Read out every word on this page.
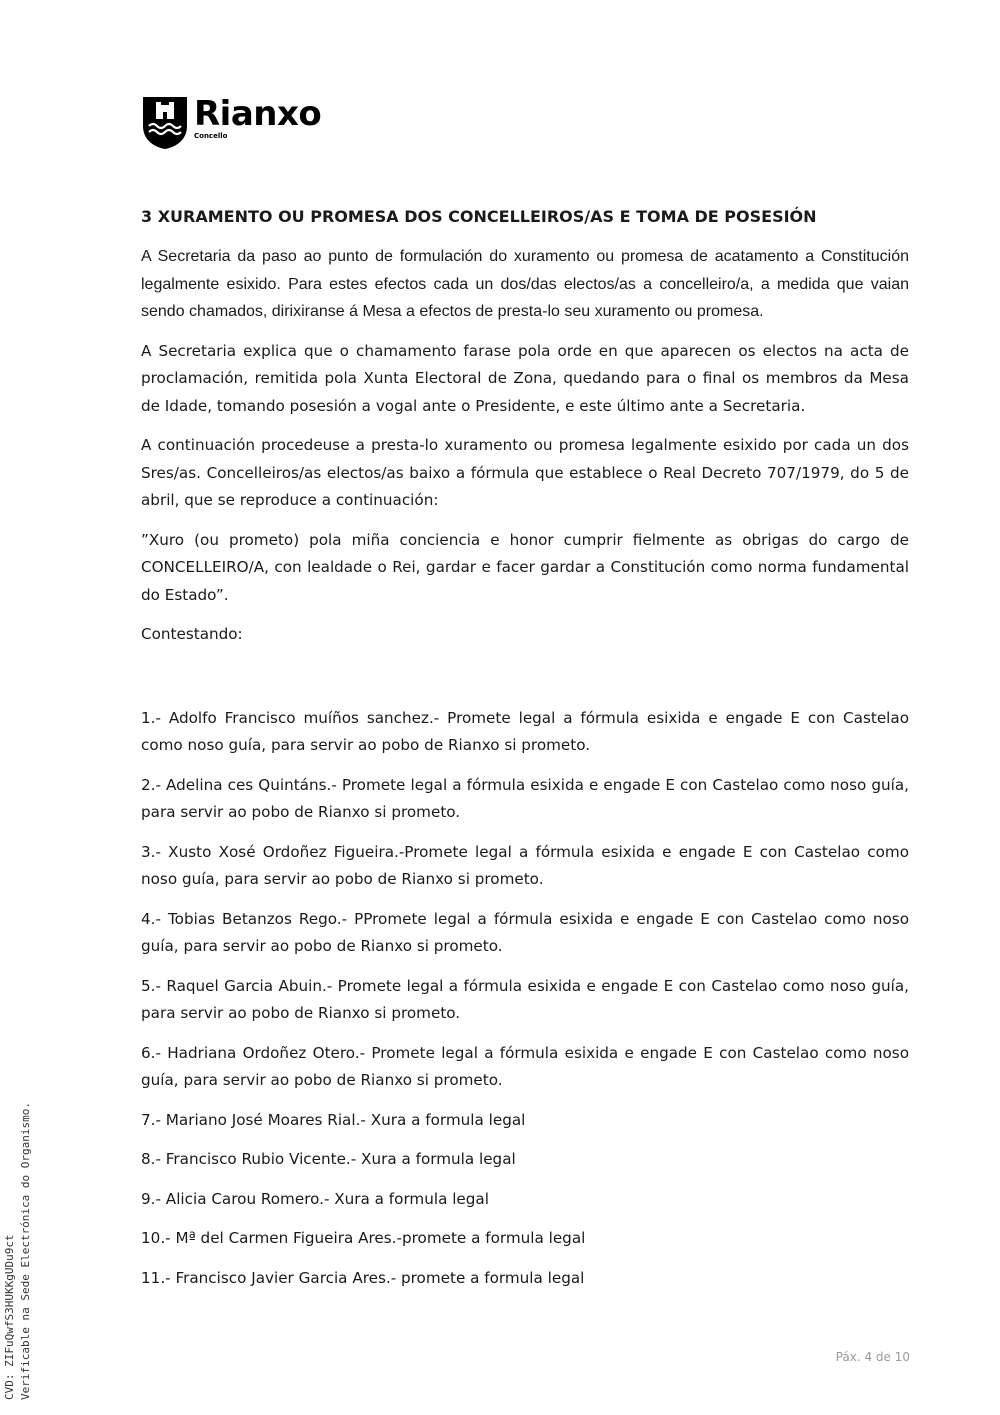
Rianxo
Concello
3 XURAMENTO OU PROMESA DOS CONCELLEIROS/AS E TOMA DE POSESIÓN

A Secretaria da paso ao punto de formulación do xuramento ou promesa de acatamento a Constitución legalmente esixido. Para estes efectos cada un dos/das electos/as a concelleiro/a, a medida que vaian sendo chamados, dirixiranse á Mesa a efectos de presta-lo seu xuramento ou promesa.

A Secretaria explica que o chamamento farase pola orde en que aparecen os electos na acta de proclamación, remitida pola Xunta Electoral de Zona, quedando para o final os membros da Mesa de Idade, tomando posesión a vogal ante o Presidente, e este último ante a Secretaria.

A continuación procedeuse a presta-lo xuramento ou promesa legalmente esixido por cada un dos Sres/as. Concelleiros/as electos/as baixo a fórmula que establece o Real Decreto 707/1979, do 5 de abril, que se reproduce a continuación:

”Xuro (ou prometo) pola miña conciencia e honor cumprir fielmente as obrigas do cargo de CONCELLEIRO/A, con lealdade o Rei, gardar e facer gardar a Constitución como norma fundamental do Estado”.

Contestando:

1.- Adolfo Francisco muíños sanchez.- Promete legal a fórmula esixida e engade E con Castelao como noso guía, para servir ao pobo de Rianxo si prometo.

2.- Adelina ces Quintáns.- Promete legal a fórmula esixida e engade E con Castelao como noso guía, para servir ao pobo de Rianxo si prometo.

3.- Xusto Xosé Ordoñez Figueira.-Promete legal a fórmula esixida e engade E con Castelao como noso guía, para servir ao pobo de Rianxo si prometo.

4.- Tobias Betanzos Rego.- PPromete legal a fórmula esixida e engade E con Castelao como noso guía, para servir ao pobo de Rianxo si prometo.

5.- Raquel Garcia Abuin.- Promete legal a fórmula esixida e engade E con Castelao como noso guía, para servir ao pobo de Rianxo si prometo.

6.- Hadriana Ordoñez Otero.- Promete legal a fórmula esixida e engade E con Castelao como noso guía, para servir ao pobo de Rianxo si prometo.

7.- Mariano José Moares Rial.- Xura a formula legal

8.- Francisco Rubio Vicente.- Xura a formula legal

9.- Alicia Carou Romero.- Xura a formula legal

10.- Mª del Carmen Figueira Ares.-promete a formula legal

11.- Francisco Javier Garcia Ares.- promete a formula legal

CVD: ZIFuQwfS3HUKKgUDu9ct Verificable na Sede Electrónica do Organismo.	Páx. 4 de 10
